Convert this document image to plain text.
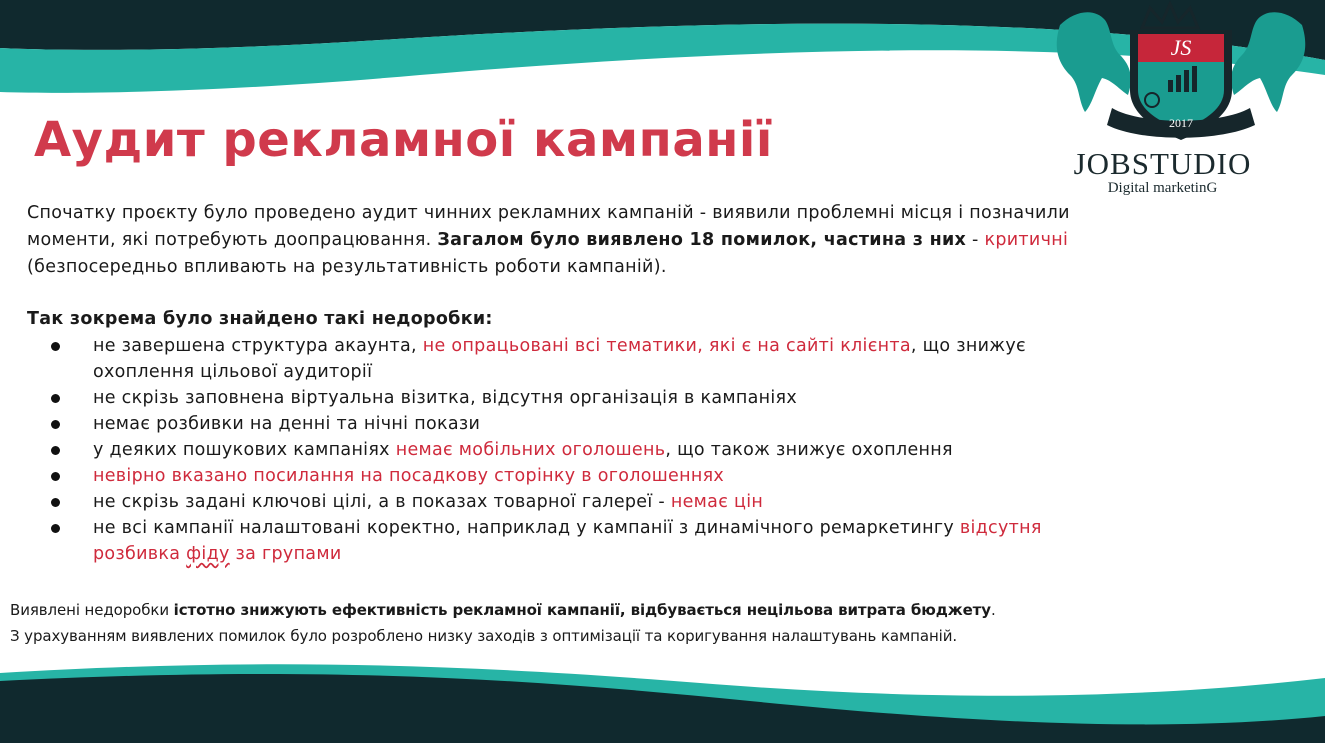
Аудит рекламної кампанії
JS
2017
JOBSTUDIO
Digital marketinG

Спочатку проєкту було проведено аудит чинних рекламних кампаній - виявили проблемні місця і позначили моменти, які потребують доопрацювання. Загалом було виявлено 18 помилок, частина з них - критичні
(безпосередньо впливають на результативність роботи кампаній).

Так зокрема було знайдено такі недоробки:

не завершена структура акаунта, не опрацьовані всі тематики, які є на сайті клієнта, що знижує охоплення цільової аудиторії
не скрізь заповнена віртуальна візитка, відсутня організація в кампаніях
немає розбивки на денні та нічні покази
у деяких пошукових кампаніях немає мобільних оголошень, що також знижує охоплення
невірно вказано посилання на посадкову сторінку в оголошеннях
не скрізь задані ключові цілі, а в показах товарної галереї - немає цін
не всі кампанії налаштовані коректно, наприклад у кампанії з динамічного ремаркетингу відсутня розбивка фіду за групами

Виявлені недоробки істотно знижують ефективність рекламної кампанії, відбувається нецільова витрата бюджету.
З урахуванням виявлених помилок було розроблено низку заходів з оптимізації та коригування налаштувань кампаній.
